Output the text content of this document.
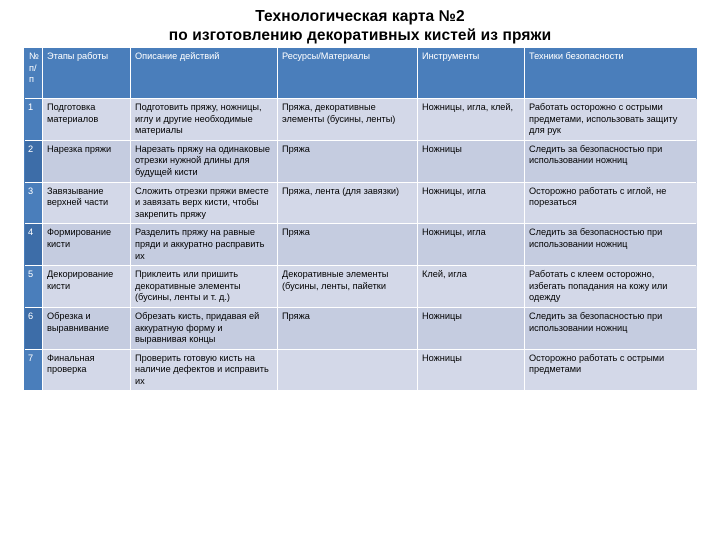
Технологическая карта №2
по изготовлению декоративных кистей из пряжи
№ п/п	Этапы работы	Описание действий	Ресурсы/Материалы	Инструменты	Техники безопасности
1	Подготовка материалов	Подготовить пряжу, ножницы, иглу и другие необходимые материалы	Пряжа, декоративные элементы (бусины, ленты)	Ножницы, игла, клей,	Работать осторожно с острыми предметами, использовать защиту для рук
2	Нарезка пряжи	Нарезать пряжу на одинаковые отрезки нужной длины для будущей кисти	Пряжа	Ножницы	Следить за безопасностью при использовании ножниц
3	Завязывание верхней части	Сложить отрезки пряжи вместе и завязать верх кисти, чтобы закрепить пряжу	Пряжа, лента (для завязки)	Ножницы, игла	Осторожно работать с иглой, не порезаться
4	Формирование кисти	Разделить пряжу на равные пряди и аккуратно расправить их	Пряжа	Ножницы, игла	Следить за безопасностью при использовании ножниц
5	Декорирование кисти	Приклеить или пришить декоративные элементы (бусины, ленты и т. д.)	Декоративные элементы (бусины, ленты, пайетки	Клей, игла	Работать с клеем осторожно, избегать попадания на кожу или одежду
6	Обрезка и выравнивание	Обрезать кисть, придавая ей аккуратную форму и выравнивая концы	Пряжа	Ножницы	Следить за безопасностью при использовании ножниц
7	Финальная проверка	Проверить готовую кисть на наличие дефектов и исправить их		Ножницы	Осторожно работать с острыми предметами
